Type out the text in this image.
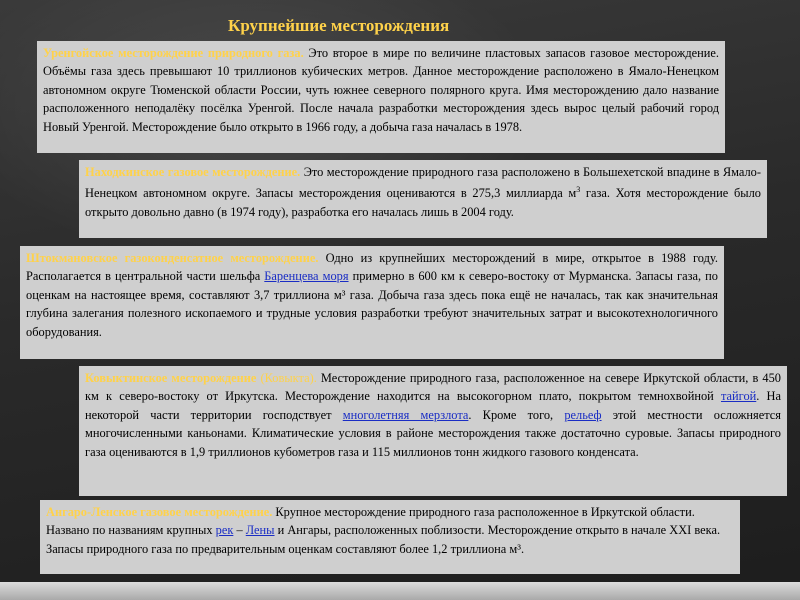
Крупнейшие месторождения
Уренгойское месторождение природного газа. Это второе в мире по величине пластовых запасов газовое месторождение. Объёмы газа здесь превышают 10 триллионов кубических метров. Данное месторождение расположено в Ямало-Ненецком автономном округе Тюменской области России, чуть южнее северного полярного круга. Имя месторождению дало название расположенного неподалёку посёлка Уренгой. После начала разработки месторождения здесь вырос целый рабочий город Новый Уренгой. Месторождение было открыто в 1966 году, а добыча газа началась в 1978.
Находкинское газовое месторождение. Это месторождение природного газа расположено в Большехетской впадине в Ямало-Ненецком автономном округе. Запасы месторождения оцениваются в 275,3 миллиарда $м^3$ газа. Хотя месторождение было открыто довольно давно (в 1974 году), разработка его началась лишь в 2004 году.
Штокмановское газоконденсатное месторождение. Одно из крупнейших месторождений в мире, открытое в 1988 году. Располагается в центральной части шельфа Баренцева моря примерно в 600 км к северо-востоку от Мурманска. Запасы газа, по оценкам на настоящее время, составляют 3,7 триллиона м³ газа. Добыча газа здесь пока ещё не началась, так как значительная глубина залегания полезного ископаемого и трудные условия разработки требуют значительных затрат и высокотехнологичного оборудования.
Ковыктинское месторождение (Ковыкта). Месторождение природного газа, расположенное на севере Иркутской области, в 450 км к северо-востоку от Иркутска. Месторождение находится на высокогорном плато, покрытом темнохвойной тайгой. На некоторой части территории господствует многолетняя мерзлота. Кроме того, рельеф этой местности осложняется многочисленными каньонами. Климатические условия в районе месторождения также достаточно суровые. Запасы природного газа оцениваются в 1,9 триллионов кубометров газа и 115 миллионов тонн жидкого газового конденсата.
Ангаро-Ленское газовое месторождение. Крупное месторождение природного газа расположенное в Иркутской области. Названо по названиям крупных рек – Лены и Ангары, расположенных поблизости. Месторождение открыто в начале XXI века. Запасы природного газа по предварительным оценкам составляют более 1,2 триллиона м³.
